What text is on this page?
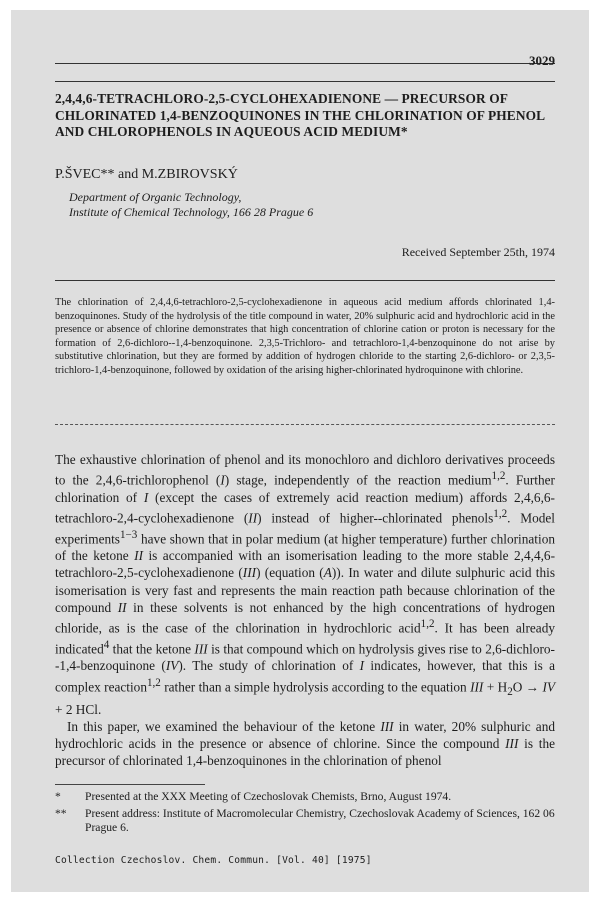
3029

2,4,4,6-TETRACHLORO-2,5-CYCLOHEXADIENONE — PRECURSOR OF CHLORINATED 1,4-BENZOQUINONES IN THE CHLORINATION OF PHENOL AND CHLOROPHENOLS IN AQUEOUS ACID MEDIUM*

P.ŠVEC** and M.ZBIROVSKÝ

Department of Organic Technology,
Institute of Chemical Technology, 166 28 Prague 6

Received September 25th, 1974

The chlorination of 2,4,4,6-tetrachloro-2,5-cyclohexadienone in aqueous acid medium affords chlorinated 1,4-benzoquinones. Study of the hydrolysis of the title compound in water, 20% sulphuric acid and hydrochloric acid in the presence or absence of chlorine demonstrates that high concentration of chlorine cation or proton is necessary for the formation of 2,6-dichloro--1,4-benzoquinone. 2,3,5-Trichloro- and tetrachloro-1,4-benzoquinone do not arise by substitutive chlorination, but they are formed by addition of hydrogen chloride to the starting 2,6-dichloro- or 2,3,5-trichloro-1,4-benzoquinone, followed by oxidation of the arising higher-chlorinated hydroquinone with chlorine.

The exhaustive chlorination of phenol and its monochloro and dichloro derivatives proceeds to the 2,4,6-trichlorophenol (I) stage, independently of the reaction medium$^{1,2}$. Further chlorination of I (except the cases of extremely acid reaction medium) affords 2,4,6,6-tetrachloro-2,4-cyclohexadienone (II) instead of higher--chlorinated phenols$^{1,2}$. Model experiments$^{1-3}$ have shown that in polar medium (at higher temperature) further chlorination of the ketone II is accompanied with an isomerisation leading to the more stable 2,4,4,6-tetrachloro-2,5-cyclohexadienone (III) (equation (A)). In water and dilute sulphuric acid this isomerisation is very fast and represents the main reaction path because chlorination of the compound II in these solvents is not enhanced by the high concentrations of hydrogen chloride, as is the case of the chlorination in hydrochloric acid$^{1,2}$. It has been already indicated$^4$ that the ketone III is that compound which on hydrolysis gives rise to 2,6-dichloro--1,4-benzoquinone (IV). The study of chlorination of I indicates, however, that this is a complex reaction$^{1,2}$ rather than a simple hydrolysis according to the equation III + $H_2O$ → IV + 2 HCl.

In this paper, we examined the behaviour of the ketone III in water, 20% sulphuric and hydrochloric acids in the presence or absence of chlorine. Since the compound III is the precursor of chlorinated 1,4-benzoquinones in the chlorination of phenol

*	Presented at the XXX Meeting of Czechoslovak Chemists, Brno, August 1974.
**	Present address: Institute of Macromolecular Chemistry, Czechoslovak Academy of Sciences, 162 06 Prague 6.

Collection Czechoslov. Chem. Commun. [Vol. 40] [1975]
